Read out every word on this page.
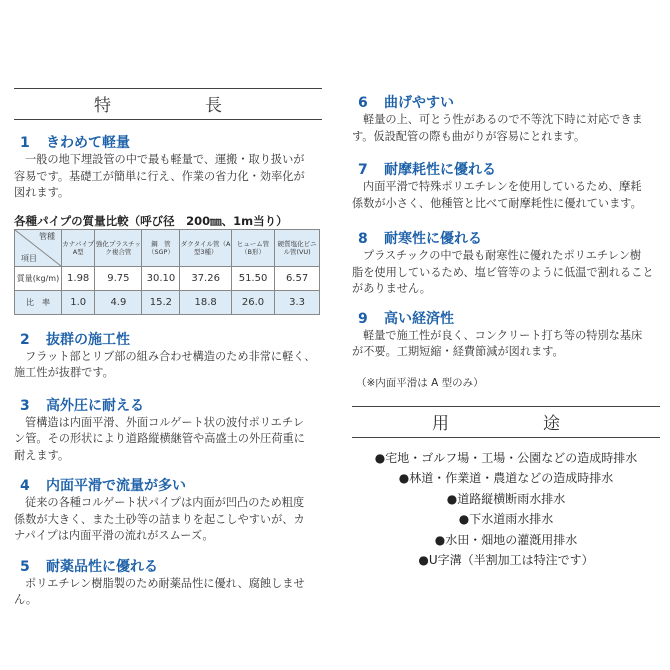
特　　長

1 きわめて軽量

一般の地下埋設管の中で最も軽量で、運搬・取り扱いが

容易です。基礎工が簡単に行え、作業の省力化・効率化が

図れます。

各種パイプの質量比較（呼び径　200㎜、1m当り）

管種
項目	カナパイプA型	強化プラスチック複合管	鋼　管（SGP）	ダクタイル管（A型3種）	ヒューム管（B形）	硬質塩化ビニル管(VU)
質量(kg/m)	1.98	9.75	30.10	37.26	51.50	6.57
比　率	1.0	4.9	15.2	18.8	26.0	3.3

2 抜群の施工性

フラット部とリブ部の組み合わせ構造のため非常に軽く、

施工性が抜群です。

3 高外圧に耐える

管構造は内面平滑、外面コルゲート状の波付ポリエチレ

ン管。その形状により道路縦横継管や高盛土の外圧荷重に

耐えます。

4 内面平滑で流量が多い

従来の各種コルゲート状パイプは内面が凹凸のため粗度

係数が大きく、また土砂等の詰まりを起こしやすいが、カ

ナパイプは内面平滑の流れがスムーズ。

5 耐薬品性に優れる

ポリエチレン樹脂製のため耐薬品性に優れ、腐蝕しませ

ん。

6 曲げやすい

軽量の上、可とう性があるので不等沈下時に対応できま

す。仮設配管の際も曲がりが容易にとれます。

7 耐摩耗性に優れる

内面平滑で特殊ポリエチレンを使用しているため、摩耗

係数が小さく、他種管と比べて耐摩耗性に優れています。

8 耐寒性に優れる

プラスチックの中で最も耐寒性に優れたポリエチレン樹

脂を使用しているため、塩ビ管等のように低温で割れること

がありません。

9 高い経済性

軽量で施工性が良く、コンクリート打ち等の特別な基床

が不要。工期短縮・経費節減が図れます。

（※内面平滑は A 型のみ）

用　　途

●宅地・ゴルフ場・工場・公園などの造成時排水

●林道・作業道・農道などの造成時排水

●道路縦横断雨水排水

●下水道雨水排水

●水田・畑地の灌漑用排水

●U字溝（半割加工は特注です）
